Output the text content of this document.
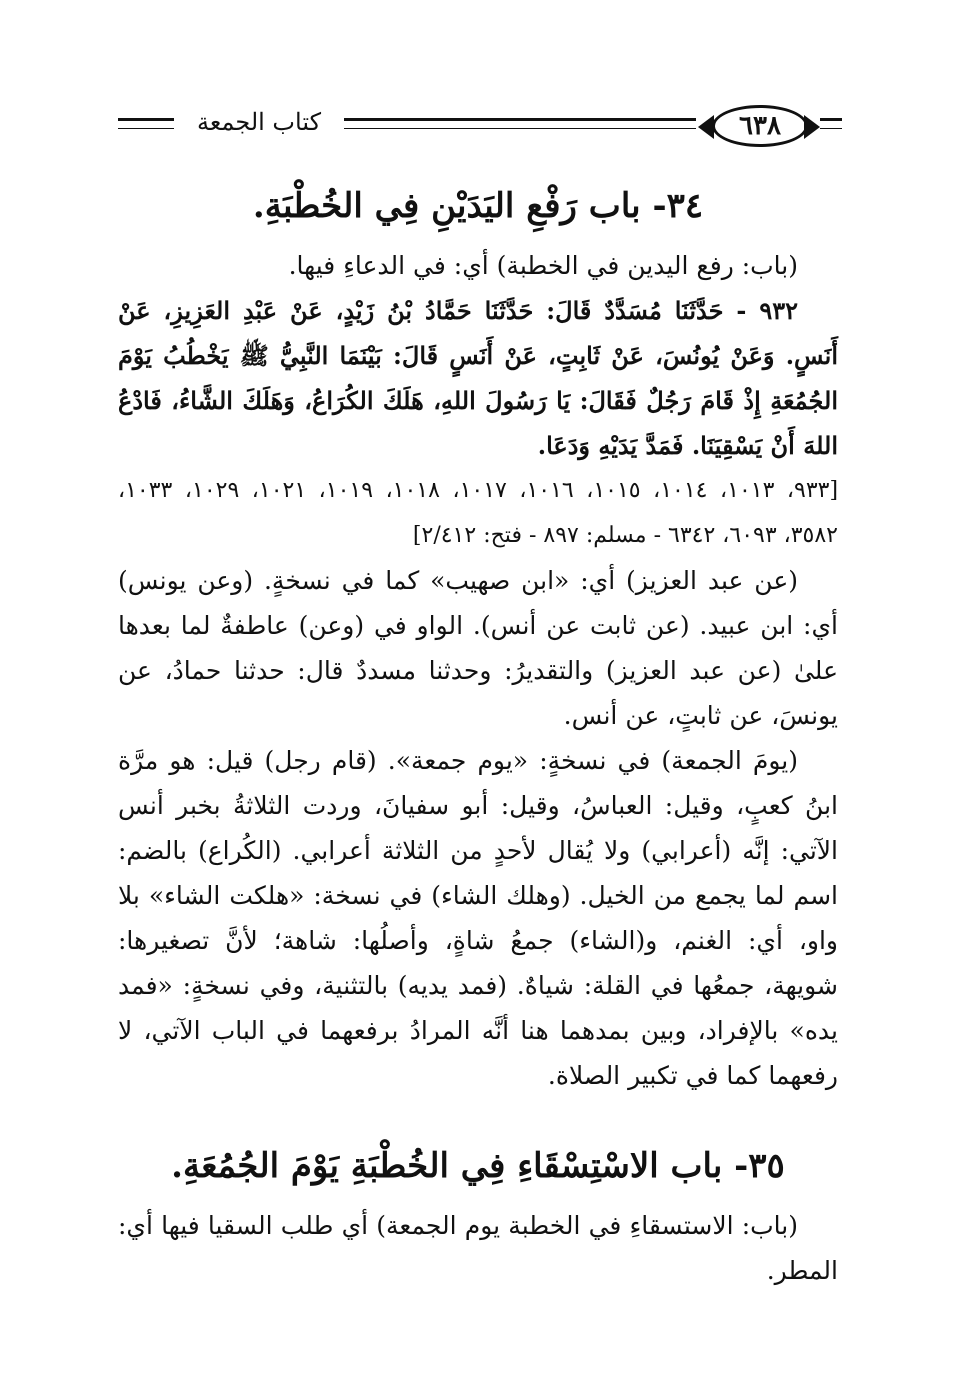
كتاب الجمعة	٦٣٨
٣٤- باب رَفْعِ اليَدَيْنِ فِي الخُطْبَةِ.

(باب: رفع اليدين في الخطبة) أي: في الدعاءِ فيها.

٩٣٢ - حَدَّثَنَا مُسَدَّدٌ قَالَ: حَدَّثَنَا حَمَّادُ بْنُ زَيْدٍ، عَنْ عَبْدِ العَزِيزِ، عَنْ أَنَسٍ. وَعَنْ يُونُسَ، عَنْ ثَابِتٍ، عَنْ أَنَسٍ قَالَ: بَيْنَمَا النَّبِيُّ ﷺ يَخْطُبُ يَوْمَ الجُمُعَةِ إِذْ قَامَ رَجُلٌ فَقَالَ: يَا رَسُولَ اللهِ، هَلَكَ الكُرَاعُ، وَهَلَكَ الشَّاءُ، فَادْعُ اللهَ أَنْ يَسْقِيَنَا. فَمَدَّ يَدَيْهِ وَدَعَا.

[٩٣٣، ١٠١٣، ١٠١٤، ١٠١٥، ١٠١٦، ١٠١٧، ١٠١٨، ١٠١٩، ١٠٢١، ١٠٢٩، ١٠٣٣، ٣٥٨٢، ٦٠٩٣، ٦٣٤٢ - مسلم: ٨٩٧ - فتح: ٢/٤١٢]

(عن عبد العزيز) أي: «ابن صهيب» كما في نسخةٍ. (وعن يونس) أي: ابن عبيد. (عن ثابت عن أنس). الواو في (وعن) عاطفةٌ لما بعدها علىٰ (عن عبد العزيز) والتقديرُ: وحدثنا مسددٌ قال: حدثنا حمادُ، عن يونسَ، عن ثابتٍ، عن أنس.

(يومَ الجمعة) في نسخةٍ: «يوم جمعة». (قام رجل) قيل: هو مرَّة ابنُ كعبٍ، وقيل: العباسُ، وقيل: أبو سفيانَ، وردت الثلاثةُ بخبر أنس الآتي: إنَّه (أعرابي) ولا يُقال لأحدٍ من الثلاثة أعرابي. (الكُراع) بالضم: اسم لما يجمع من الخيل. (وهلك الشاء) في نسخة: «هلكت الشاء» بلا واو، أي: الغنم، و(الشاء) جمعُ شاةٍ، وأصلُها: شاهة؛ لأنَّ تصغيرها: شويهة، جمعُها في القلة: شياهٌ. (فمد يديه) بالتثنية، وفي نسخةٍ: «فمد يده» بالإفراد، وبين بمدهما هنا أنَّه المرادُ برفعهما في الباب الآتي، لا رفعهما كما في تكبير الصلاة.

٣٥- باب الاسْتِسْقَاءِ فِي الخُطْبَةِ يَوْمَ الجُمُعَةِ.

(باب: الاستسقاءِ في الخطبة يوم الجمعة) أي طلب السقيا فيها أي: المطر.
